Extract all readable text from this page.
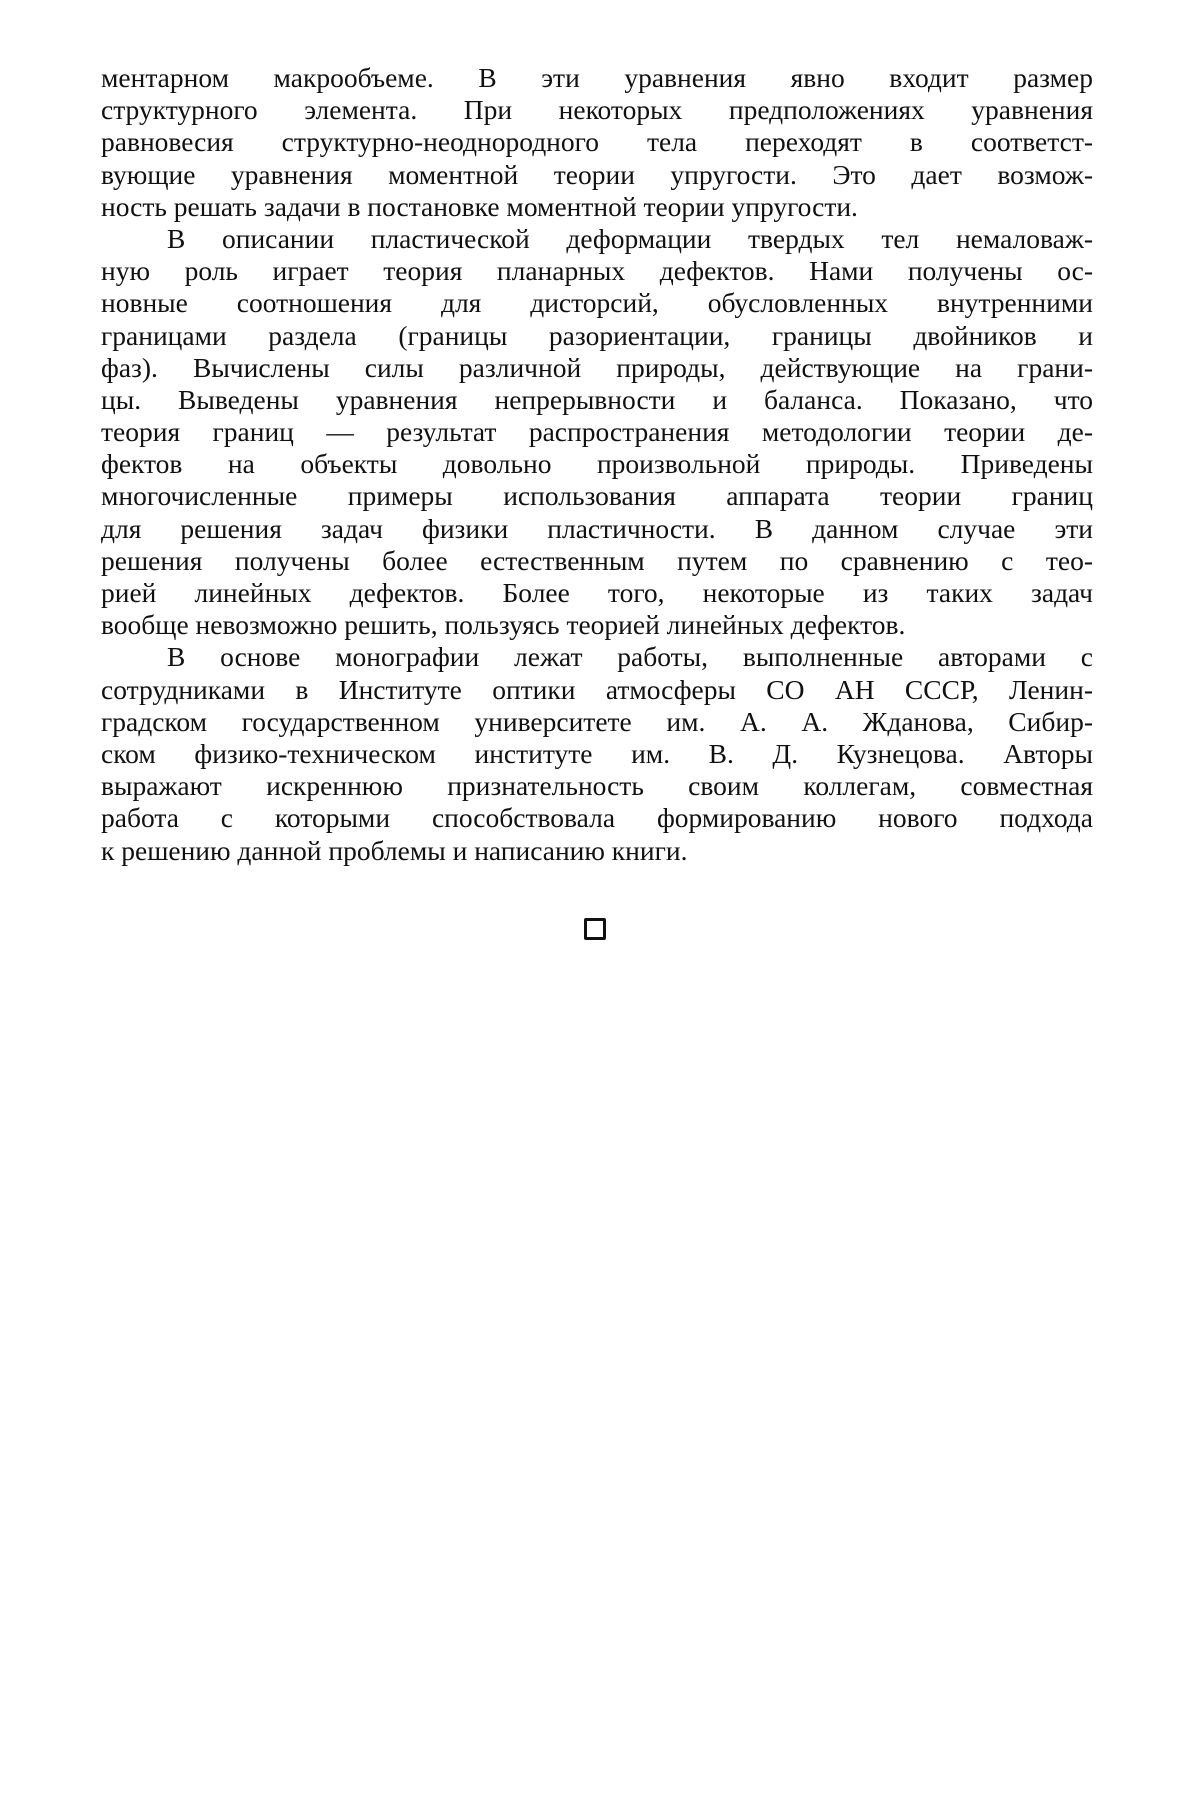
ментарном макрообъеме. В эти уравнения явно входит размер
структурного элемента. При некоторых предположениях уравнения
равновесия структурно-неоднородного тела переходят в соответст-
вующие уравнения моментной теории упругости. Это дает возмож-
ность решать задачи в постановке моментной теории упругости.
В описании пластической деформации твердых тел немаловаж-
ную роль играет теория планарных дефектов. Нами получены ос-
новные соотношения для дисторсий, обусловленных внутренними
границами раздела (границы разориентации, границы двойников и
фаз). Вычислены силы различной природы, действующие на грани-
цы. Выведены уравнения непрерывности и баланса. Показано, что
теория границ — результат распространения методологии теории де-
фектов на объекты довольно произвольной природы. Приведены
многочисленные примеры использования аппарата теории границ
для решения задач физики пластичности. В данном случае эти
решения получены более естественным путем по сравнению с тео-
рией линейных дефектов. Более того, некоторые из таких задач
вообще невозможно решить, пользуясь теорией линейных дефектов.
В основе монографии лежат работы, выполненные авторами с
сотрудниками в Институте оптики атмосферы СО АН СССР, Ленин-
градском государственном университете им. А. А. Жданова, Сибир-
ском физико-техническом институте им. В. Д. Кузнецова. Авторы
выражают искреннюю признательность своим коллегам, совместная
работа с которыми способствовала формированию нового подхода
к решению данной проблемы и написанию книги.
